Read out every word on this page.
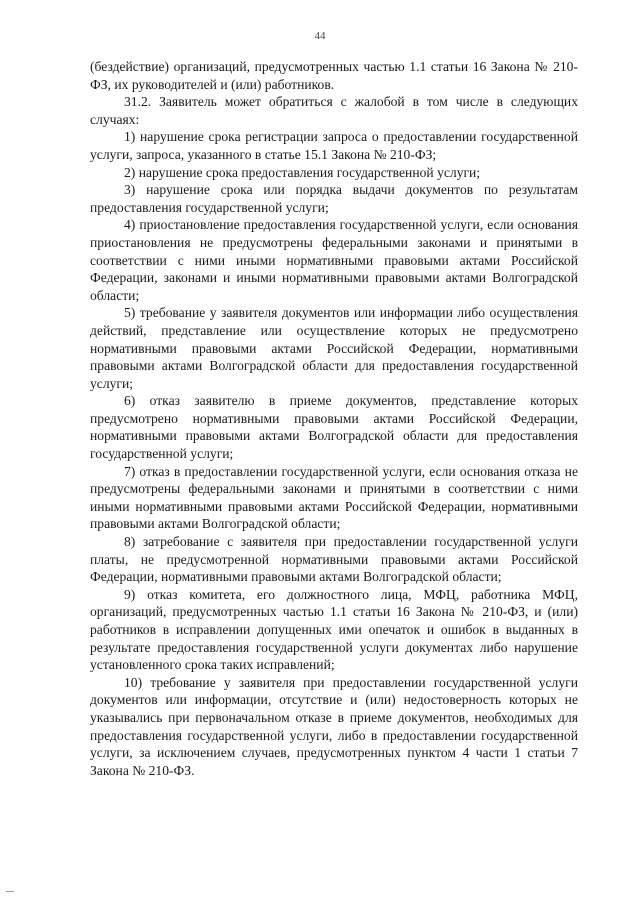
44

(бездействие) организаций, предусмотренных частью 1.1 статьи 16 Закона № 210-ФЗ, их руководителей и (или) работников.

31.2. Заявитель может обратиться с жалобой в том числе в следующих случаях:

1) нарушение срока регистрации запроса о предоставлении государственной услуги, запроса, указанного в статье 15.1 Закона № 210-ФЗ;

2) нарушение срока предоставления государственной услуги;

3) нарушение срока или порядка выдачи документов по результатам предоставления государственной услуги;

4) приостановление предоставления государственной услуги, если основания приостановления не предусмотрены федеральными законами и принятыми в соответствии с ними иными нормативными правовыми актами Российской Федерации, законами и иными нормативными правовыми актами Волгоградской области;

5) требование у заявителя документов или информации либо осуществления действий, представление или осуществление которых не предусмотрено нормативными правовыми актами Российской Федерации, нормативными правовыми актами Волгоградской области для предоставления государственной услуги;

6) отказ заявителю в приеме документов, представление которых предусмотрено нормативными правовыми актами Российской Федерации, нормативными правовыми актами Волгоградской области для предоставления государственной услуги;

7) отказ в предоставлении государственной услуги, если основания отказа не предусмотрены федеральными законами и принятыми в соответствии с ними иными нормативными правовыми актами Российской Федерации, нормативными правовыми актами Волгоградской области;

8) затребование с заявителя при предоставлении государственной услуги платы, не предусмотренной нормативными правовыми актами Российской Федерации, нормативными правовыми актами Волгоградской области;

9) отказ комитета, его должностного лица, МФЦ, работника МФЦ, организаций, предусмотренных частью 1.1 статьи 16 Закона № 210-ФЗ, и (или) работников в исправлении допущенных ими опечаток и ошибок в выданных в результате предоставления государственной услуги документах либо нарушение установленного срока таких исправлений;

10) требование у заявителя при предоставлении государственной услуги документов или информации, отсутствие и (или) недостоверность которых не указывались при первоначальном отказе в приеме документов, необходимых для предоставления государственной услуги, либо в предоставлении государственной услуги, за исключением случаев, предусмотренных пунктом 4 части 1 статьи 7 Закона № 210-ФЗ.
